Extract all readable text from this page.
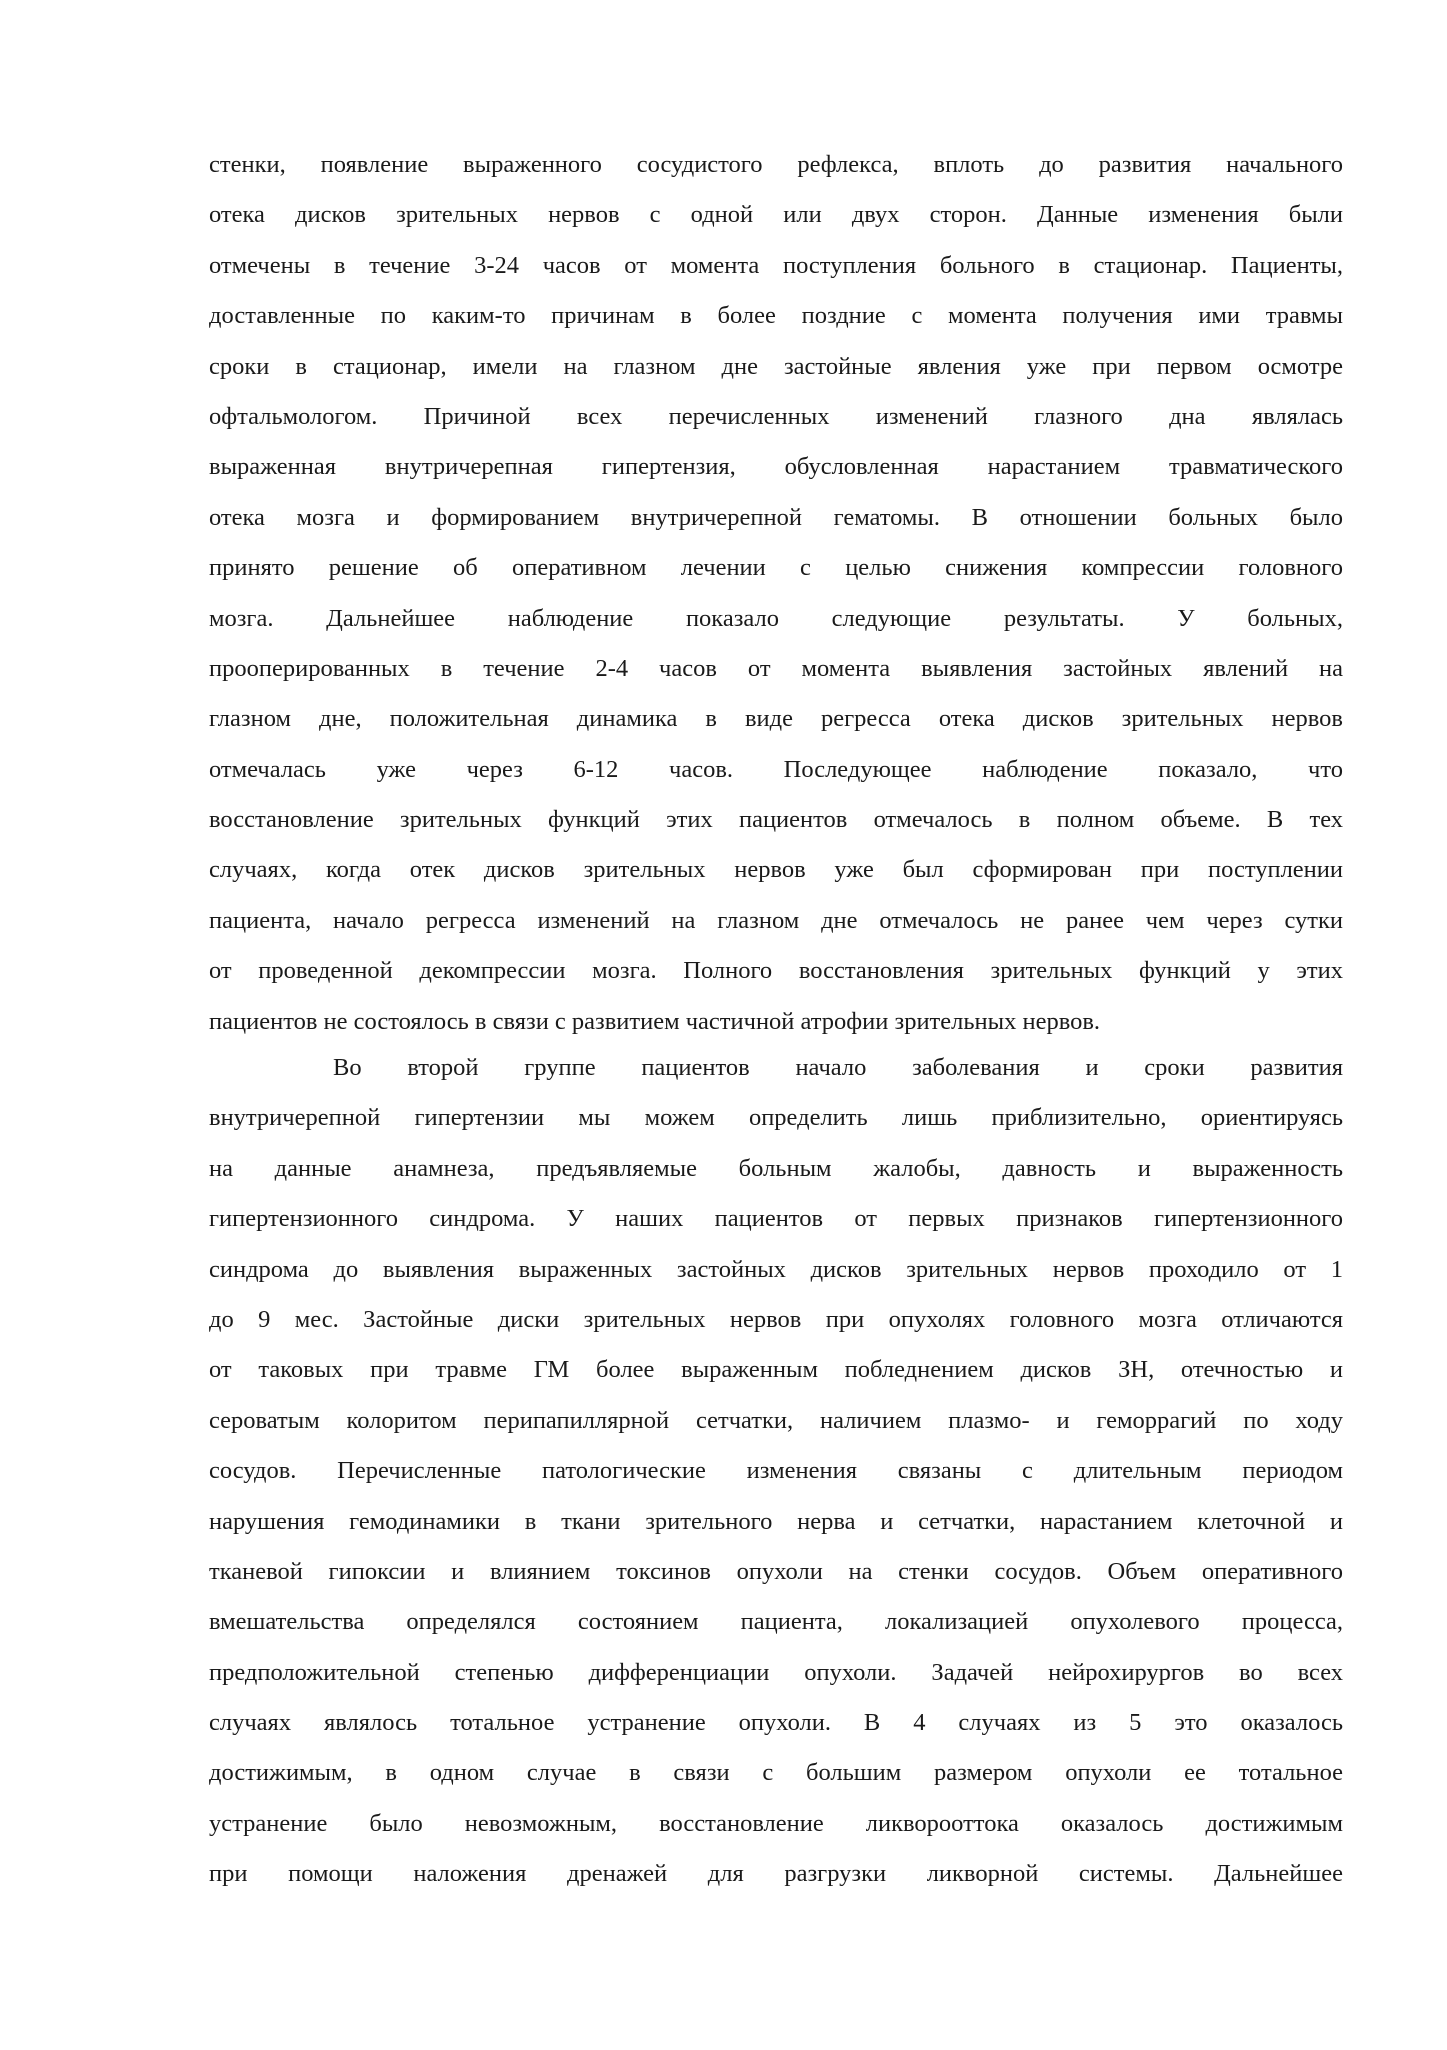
стенки, появление выраженного сосудистого рефлекса, вплоть до развития начального
отека дисков зрительных нервов с одной или двух сторон. Данные изменения были
отмечены в течение 3-24 часов от момента поступления больного в стационар. Пациенты,
доставленные по каким-то причинам в более поздние с момента получения ими травмы
сроки в стационар, имели на глазном дне застойные явления уже при первом осмотре
офтальмологом. Причиной всех перечисленных изменений глазного дна являлась
выраженная внутричерепная гипертензия, обусловленная нарастанием травматического
отека мозга и формированием внутричерепной гематомы. В отношении больных было
принято решение об оперативном лечении с целью снижения компрессии головного
мозга. Дальнейшее наблюдение показало следующие результаты. У больных,
прооперированных в течение 2-4 часов от момента выявления застойных явлений на
глазном дне, положительная динамика в виде регресса отека дисков зрительных нервов
отмечалась уже через 6-12 часов. Последующее наблюдение показало, что
восстановление зрительных функций этих пациентов отмечалось в полном объеме. В тех
случаях, когда отек дисков зрительных нервов уже был сформирован при поступлении
пациента, начало регресса изменений на глазном дне отмечалось не ранее чем через сутки
от проведенной декомпрессии мозга. Полного восстановления зрительных функций у этих
пациентов не состоялось в связи с развитием частичной атрофии зрительных нервов.
Во второй группе пациентов начало заболевания и сроки развития
внутричерепной гипертензии мы можем определить лишь приблизительно, ориентируясь
на данные анамнеза, предъявляемые больным жалобы, давность и выраженность
гипертензионного синдрома. У наших пациентов от первых признаков гипертензионного
синдрома до выявления выраженных застойных дисков зрительных нервов проходило от 1
до 9 мес. Застойные диски зрительных нервов при опухолях головного мозга отличаются
от таковых при травме ГМ более выраженным побледнением дисков ЗН, отечностью и
сероватым колоритом перипапиллярной сетчатки, наличием плазмо- и геморрагий по ходу
сосудов. Перечисленные патологические изменения связаны с длительным периодом
нарушения гемодинамики в ткани зрительного нерва и сетчатки, нарастанием клеточной и
тканевой гипоксии и влиянием токсинов опухоли на стенки сосудов. Объем оперативного
вмешательства определялся состоянием пациента, локализацией опухолевого процесса,
предположительной степенью дифференциации опухоли. Задачей нейрохирургов во всех
случаях являлось тотальное устранение опухоли. В 4 случаях из 5 это оказалось
достижимым, в одном случае в связи с большим размером опухоли ее тотальное
устранение было невозможным, восстановление ликворооттока оказалось достижимым
при помощи наложения дренажей для разгрузки ликворной системы. Дальнейшее
